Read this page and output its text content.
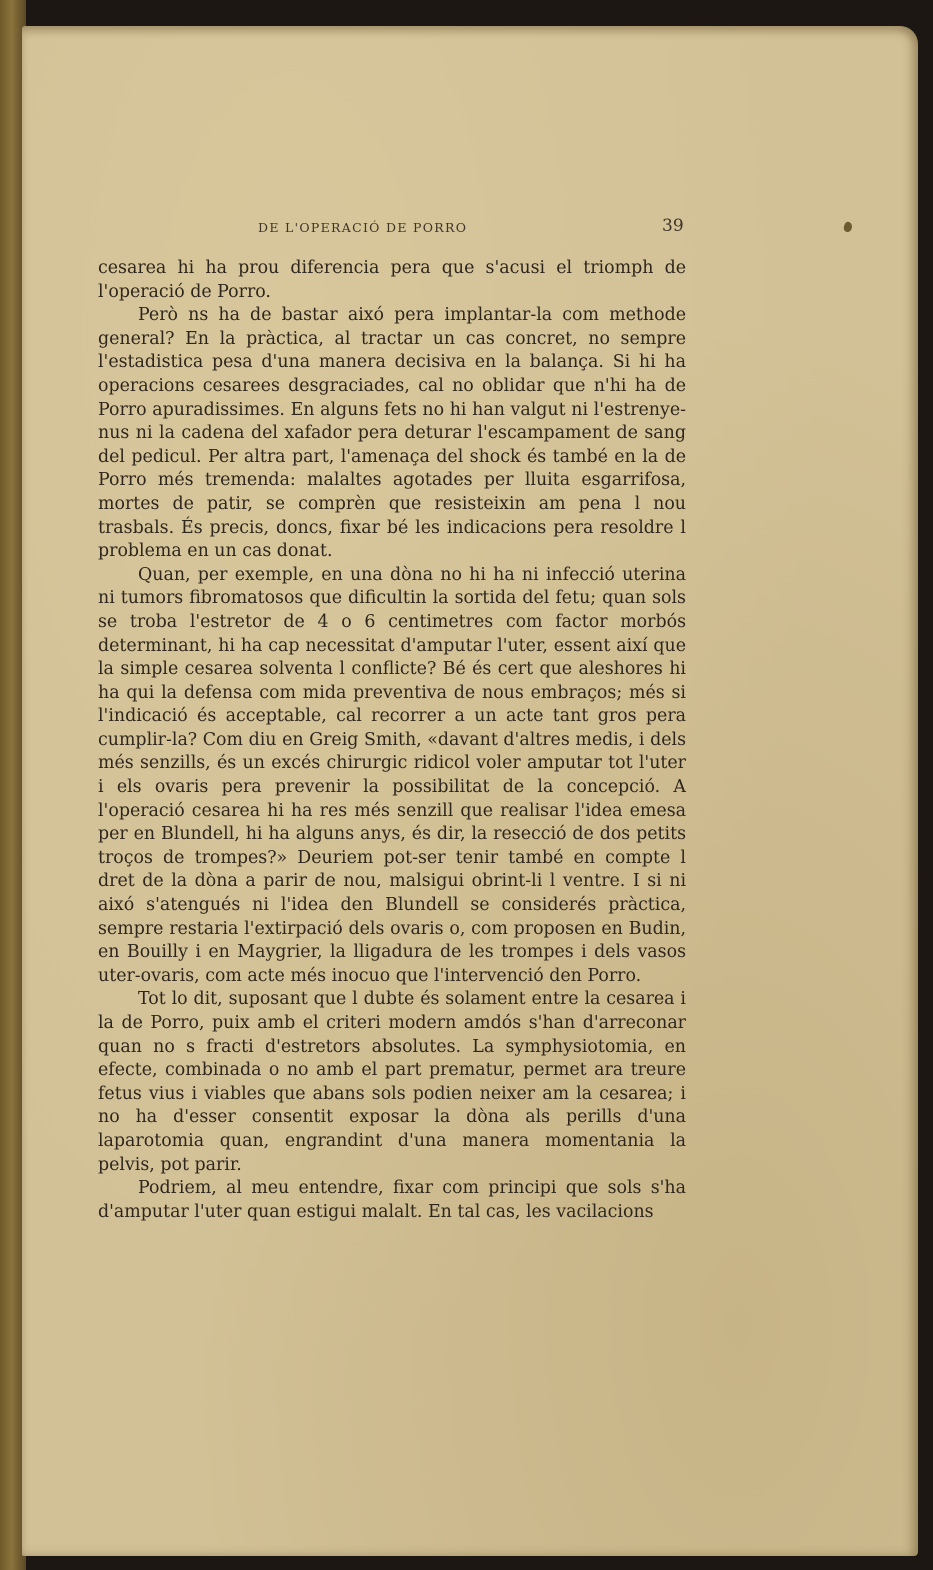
DE L'OPERACIÓ DE PORRO	39

cesarea hi ha prou diferencia pera que s'acusi el triomph de l'operació de Porro.

Però ns ha de bastar aixó pera implantar-la com methode general? En la pràctica, al tractar un cas concret, no sempre l'estadistica pesa d'una manera decisiva en la balança. Si hi ha operacions cesarees desgraciades, cal no oblidar que n'hi ha de Porro apuradissimes. En alguns fets no hi han valgut ni l'estrenye-nus ni la cadena del xafador pera deturar l'escampament de sang del pedicul. Per altra part, l'amenaça del shock és també en la de Porro més tremenda: malaltes agotades per lluita esgarrifosa, mortes de patir, se comprèn que resisteixin am pena l nou trasbals. És precis, doncs, fixar bé les indicacions pera resoldre l problema en un cas donat.

Quan, per exemple, en una dòna no hi ha ni infecció uterina ni tumors fibromatosos que dificultin la sortida del fetu; quan sols se troba l'estretor de 4 o 6 centimetres com factor morbós determinant, hi ha cap necessitat d'amputar l'uter, essent així que la simple cesarea solventa l conflicte? Bé és cert que aleshores hi ha qui la defensa com mida preventiva de nous embraços; més si l'indicació és acceptable, cal recorrer a un acte tant gros pera cumplir-la? Com diu en Greig Smith, «davant d'altres medis, i dels més senzills, és un excés chirurgic ridicol voler amputar tot l'uter i els ovaris pera prevenir la possibilitat de la concepció. A l'operació cesarea hi ha res més senzill que realisar l'idea emesa per en Blundell, hi ha alguns anys, és dir, la resecció de dos petits troços de trompes?» Deuriem pot-ser tenir també en compte l dret de la dòna a parir de nou, malsigui obrint-li l ventre. I si ni aixó s'atengués ni l'idea den Blundell se considerés pràctica, sempre restaria l'extirpació dels ovaris o, com proposen en Budin, en Bouilly i en Maygrier, la lligadura de les trompes i dels vasos uter-ovaris, com acte més inocuo que l'intervenció den Porro.

Tot lo dit, suposant que l dubte és solament entre la cesarea i la de Porro, puix amb el criteri modern amdós s'han d'arreconar quan no s fracti d'estretors absolutes. La symphysiotomia, en efecte, combinada o no amb el part prematur, permet ara treure fetus vius i viables que abans sols podien neixer am la cesarea; i no ha d'esser consentit exposar la dòna als perills d'una laparotomia quan, engrandint d'una manera momentania la pelvis, pot parir.

Podriem, al meu entendre, fixar com principi que sols s'ha d'amputar l'uter quan estigui malalt. En tal cas, les vacilacions
